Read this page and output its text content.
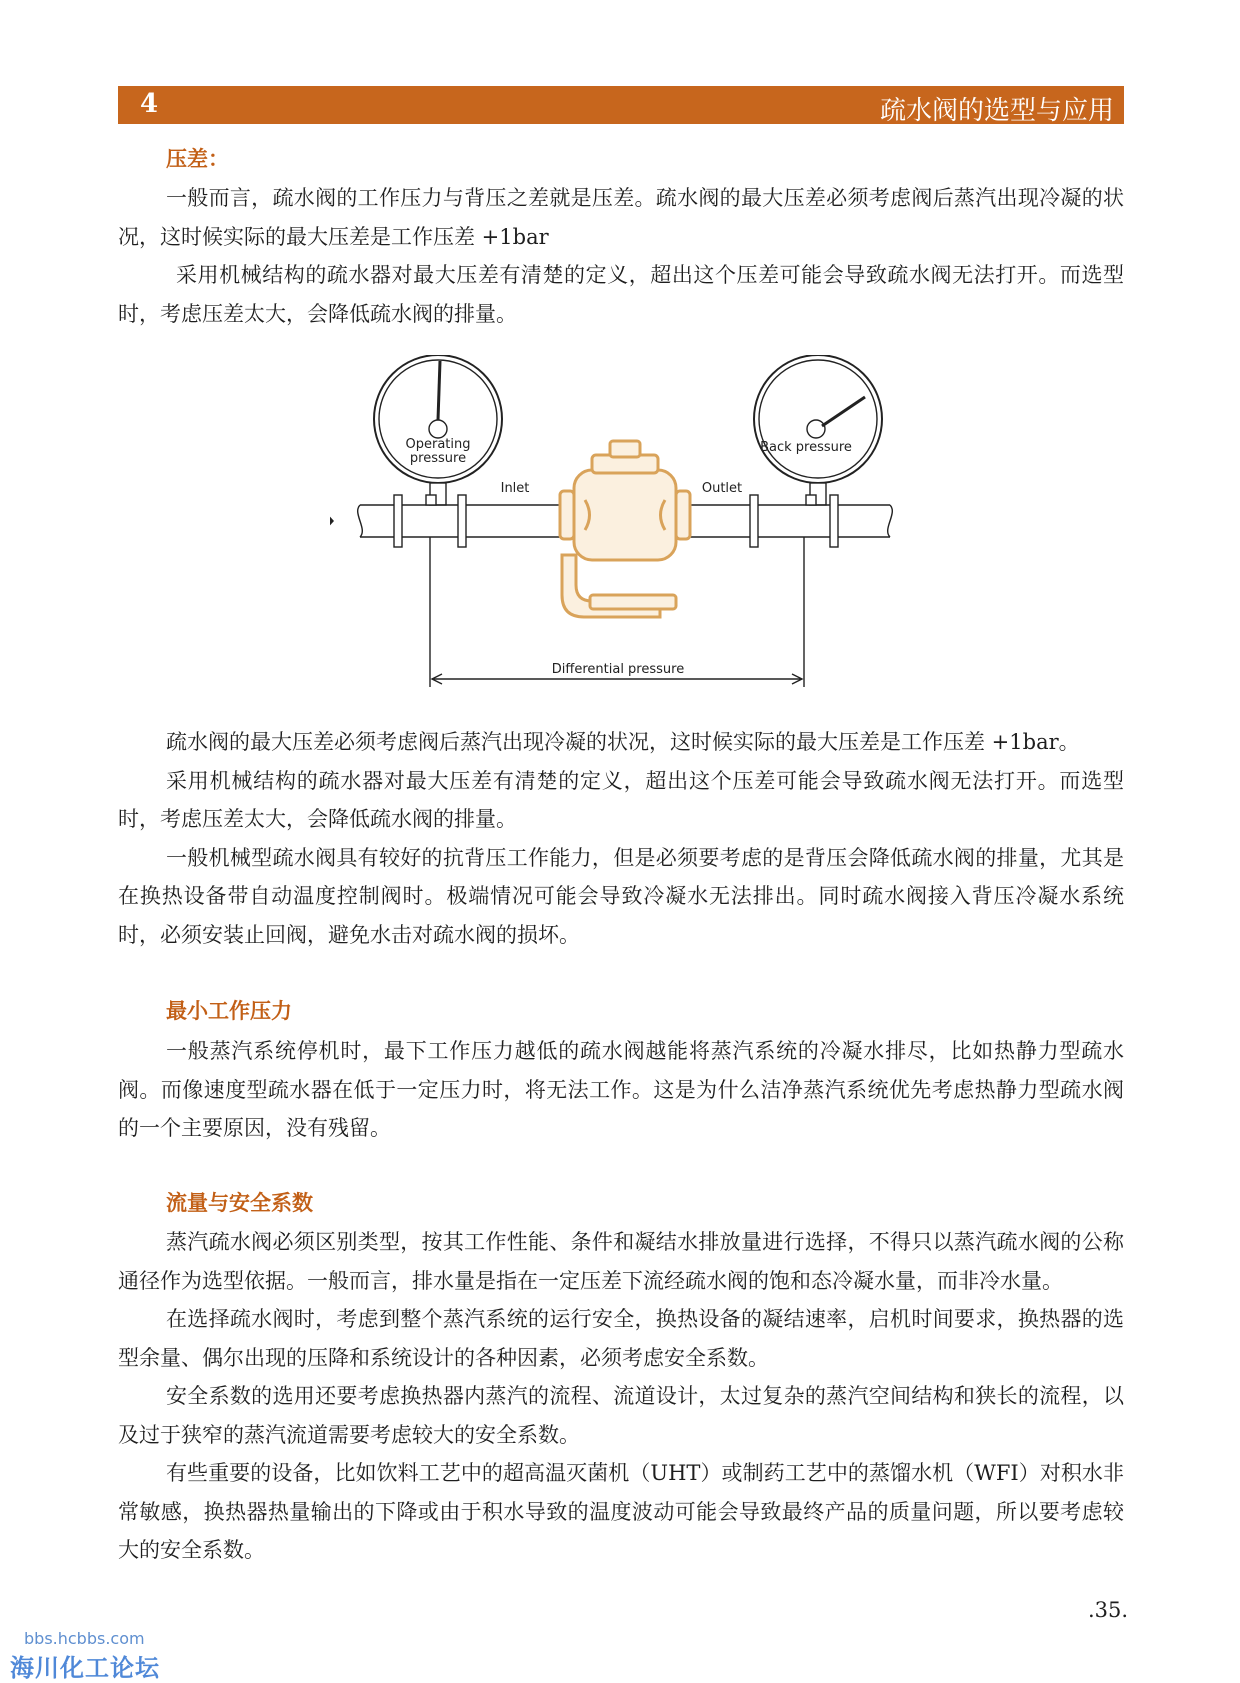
4	疏水阀的选型与应用
压差：

一般而言，疏水阀的工作压力与背压之差就是压差。疏水阀的最大压差必须考虑阀后蒸汽出现冷凝的状况，这时候实际的最大压差是工作压差 +1bar

采用机械结构的疏水器对最大压差有清楚的定义，超出这个压差可能会导致疏水阀无法打开。而选型时，考虑压差太大，会降低疏水阀的排量。

Operating
pressure
Back pressure
Inlet	Outlet
Differential pressure

疏水阀的最大压差必须考虑阀后蒸汽出现冷凝的状况，这时候实际的最大压差是工作压差 +1bar。

采用机械结构的疏水器对最大压差有清楚的定义，超出这个压差可能会导致疏水阀无法打开。而选型时，考虑压差太大，会降低疏水阀的排量。

一般机械型疏水阀具有较好的抗背压工作能力，但是必须要考虑的是背压会降低疏水阀的排量，尤其是在换热设备带自动温度控制阀时。极端情况可能会导致冷凝水无法排出。同时疏水阀接入背压冷凝水系统时，必须安装止回阀，避免水击对疏水阀的损坏。

最小工作压力

一般蒸汽系统停机时，最下工作压力越低的疏水阀越能将蒸汽系统的冷凝水排尽，比如热静力型疏水阀。而像速度型疏水器在低于一定压力时，将无法工作。这是为什么洁净蒸汽系统优先考虑热静力型疏水阀的一个主要原因，没有残留。

流量与安全系数

蒸汽疏水阀必须区别类型，按其工作性能、条件和凝结水排放量进行选择，不得只以蒸汽疏水阀的公称通径作为选型依据。一般而言，排水量是指在一定压差下流经疏水阀的饱和态冷凝水量，而非冷水量。

在选择疏水阀时，考虑到整个蒸汽系统的运行安全，换热设备的凝结速率，启机时间要求，换热器的选型余量、偶尔出现的压降和系统设计的各种因素，必须考虑安全系数。

安全系数的选用还要考虑换热器内蒸汽的流程、流道设计，太过复杂的蒸汽空间结构和狭长的流程，以及过于狭窄的蒸汽流道需要考虑较大的安全系数。

有些重要的设备，比如饮料工艺中的超高温灭菌机（UHT）或制药工艺中的蒸馏水机（WFI）对积水非常敏感，换热器热量输出的下降或由于积水导致的温度波动可能会导致最终产品的质量问题，所以要考虑较大的安全系数。

.35.
bbs.hcbbs.com
海川化工论坛
